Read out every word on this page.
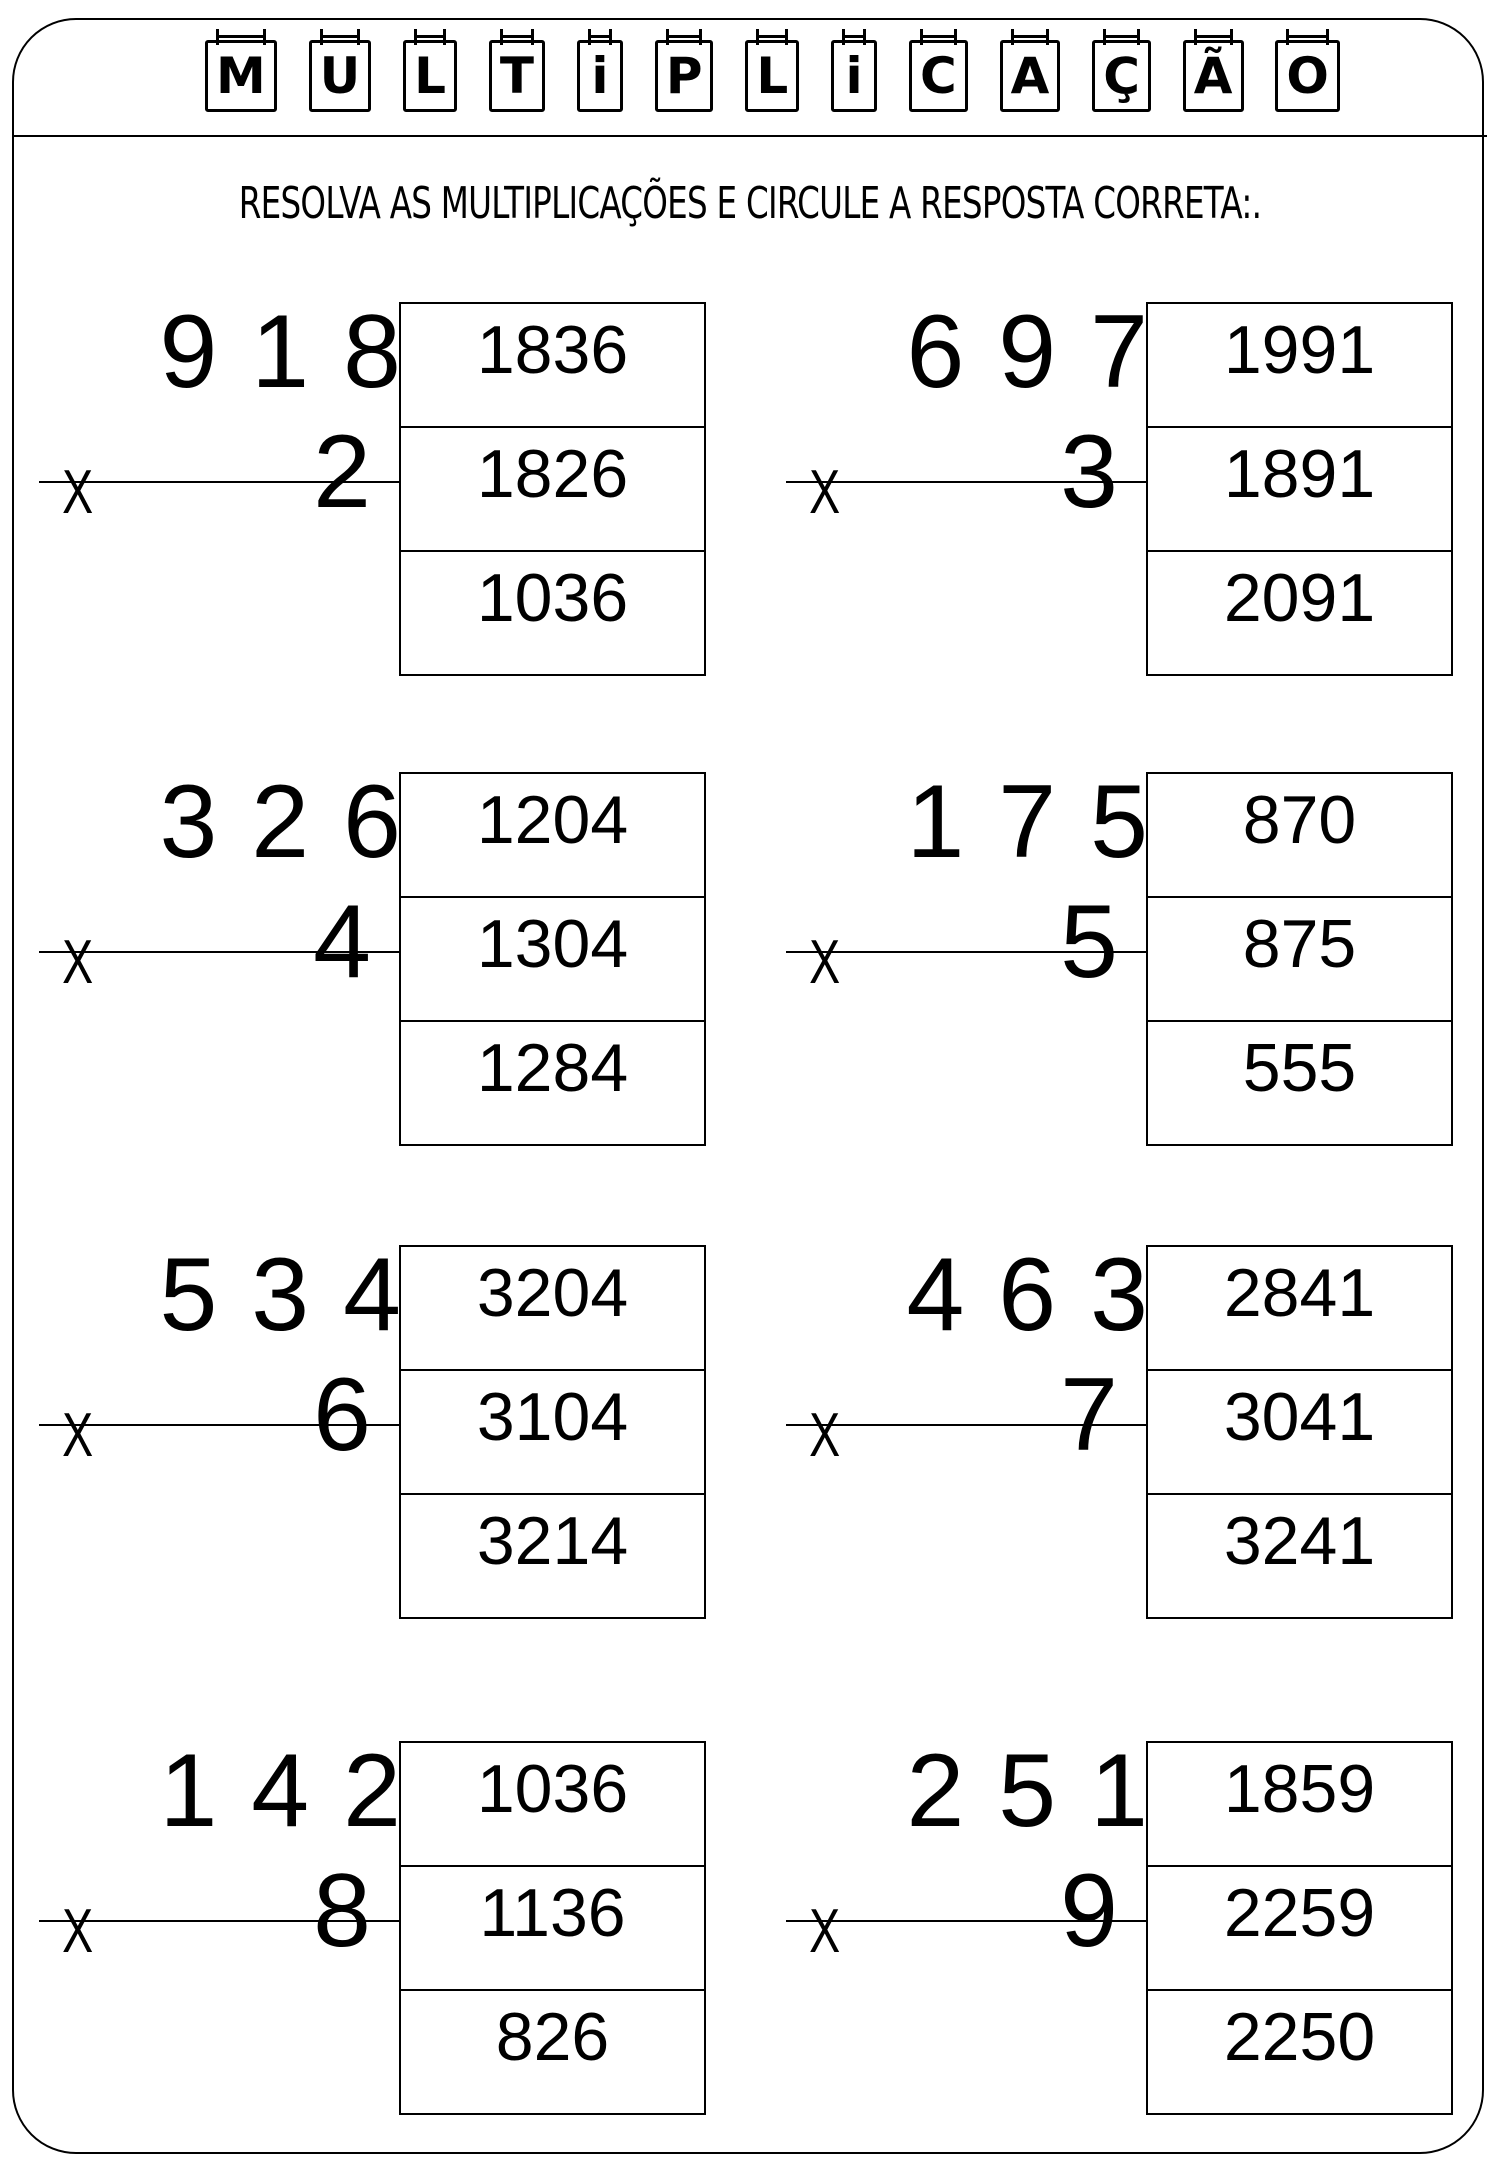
M U L T i P L i C A Ç Ã O
RESOLVA AS MULTIPLICAÇÕES E CIRCULE A RESPOSTA CORRETA:.
918
2
X
1836
1826
1036
697
3
X
1991
1891
2091
326
4
X
1204
1304
1284
175
5
X
870
875
555
534
6
X
3204
3104
3214
463
7
X
2841
3041
3241
142
8
X
1036
1136
826
251
9
X
1859
2259
2250
